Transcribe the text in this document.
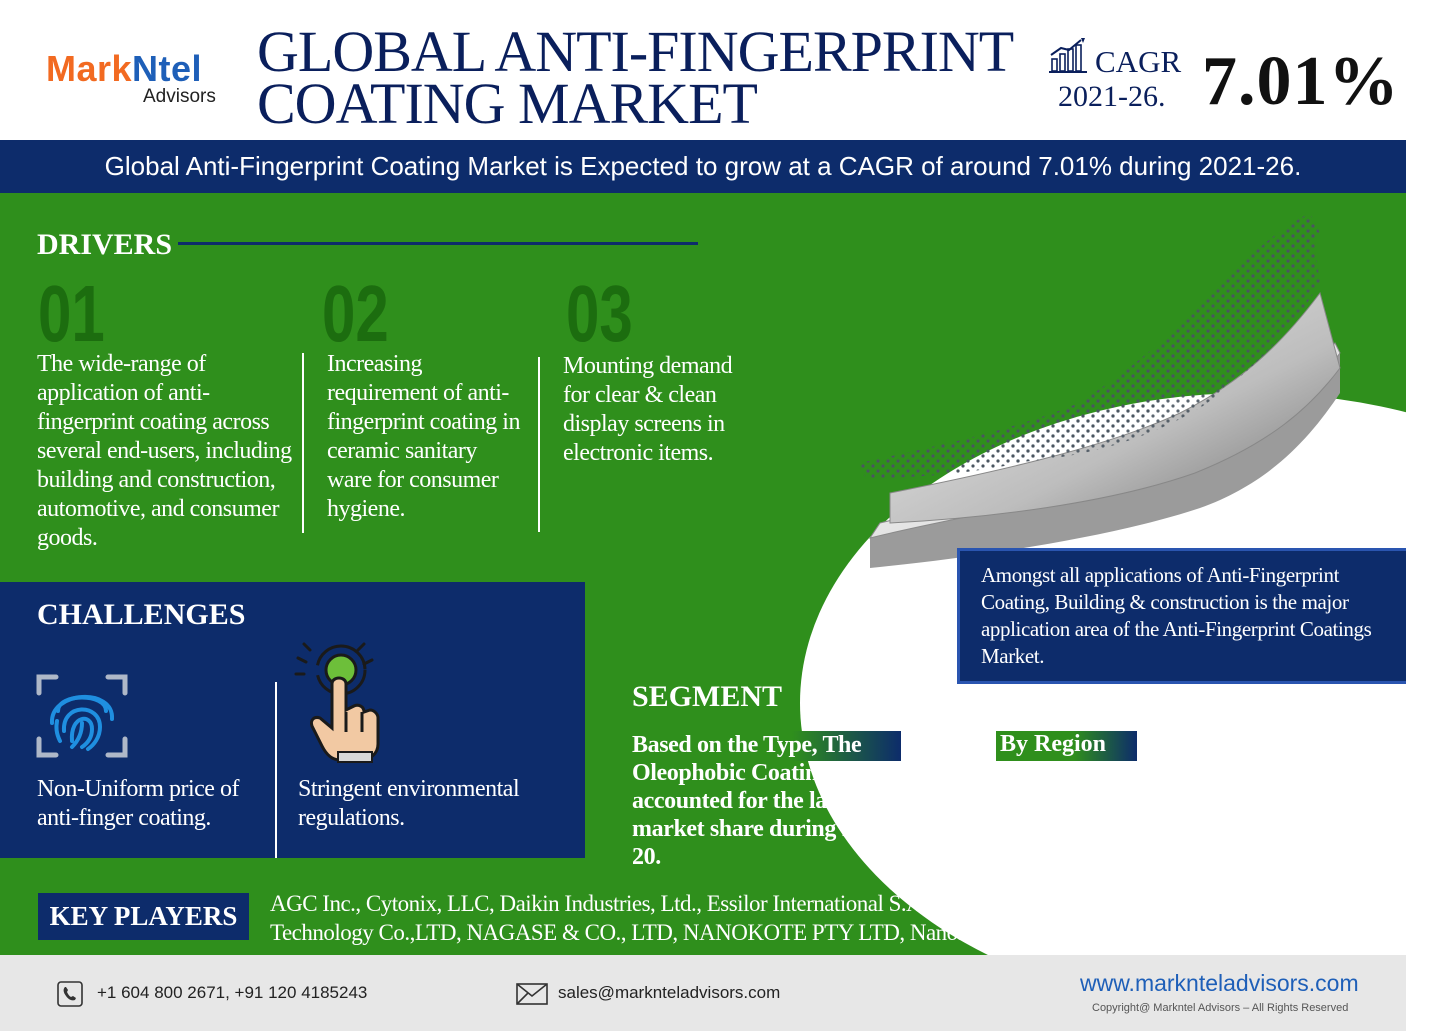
MarkNtel
Advisors
GLOBAL ANTI-FINGERPRINT
COATING MARKET
CAGR
2021-26. 7.01%
Global Anti-Fingerprint Coating Market is Expected to grow at a CAGR of around 7.01% during 2021-26.
DRIVERS
01	02 03
The wide-range of application of anti-fingerprint coating across several end-users, including building and construction, automotive, and consumer goods.
Increasing requirement of anti-fingerprint coating in ceramic sanitary ware for consumer hygiene.
Mounting demand for clear & clean display screens in electronic items.
CHALLENGES
Non-Uniform price of anti-finger coating.
Stringent environmental regulations.
Amongst all applications of Anti-Fingerprint Coating, Building & construction is the major application area of the Anti-Fingerprint Coatings Market.
SEGMENT
Based on the Type, The Oleophobic Coating accounted for the largest market share during 2016-20.
By Region
The Asia Pacific region dominated the Global Anti-Fingerprint Coating Market during 2016-20.
KEY PLAYERS	AGC Inc., Cytonix, LLC, Daikin Industries, Ltd., Essilor International S.A., Harves Co., Ltd, Izovac Ltd, Leader Optronics Technology Co.,LTD, NAGASE & CO., LTD, NANOKOTE PTY LTD, Nanoslic Protective Ceramic Coatings.
+1 604 800 2671, +91 120 4185243	sales@marknteladvisors.com	www.marknteladvisors.com
Copyright@ Markntel Advisors – All Rights Reserved
